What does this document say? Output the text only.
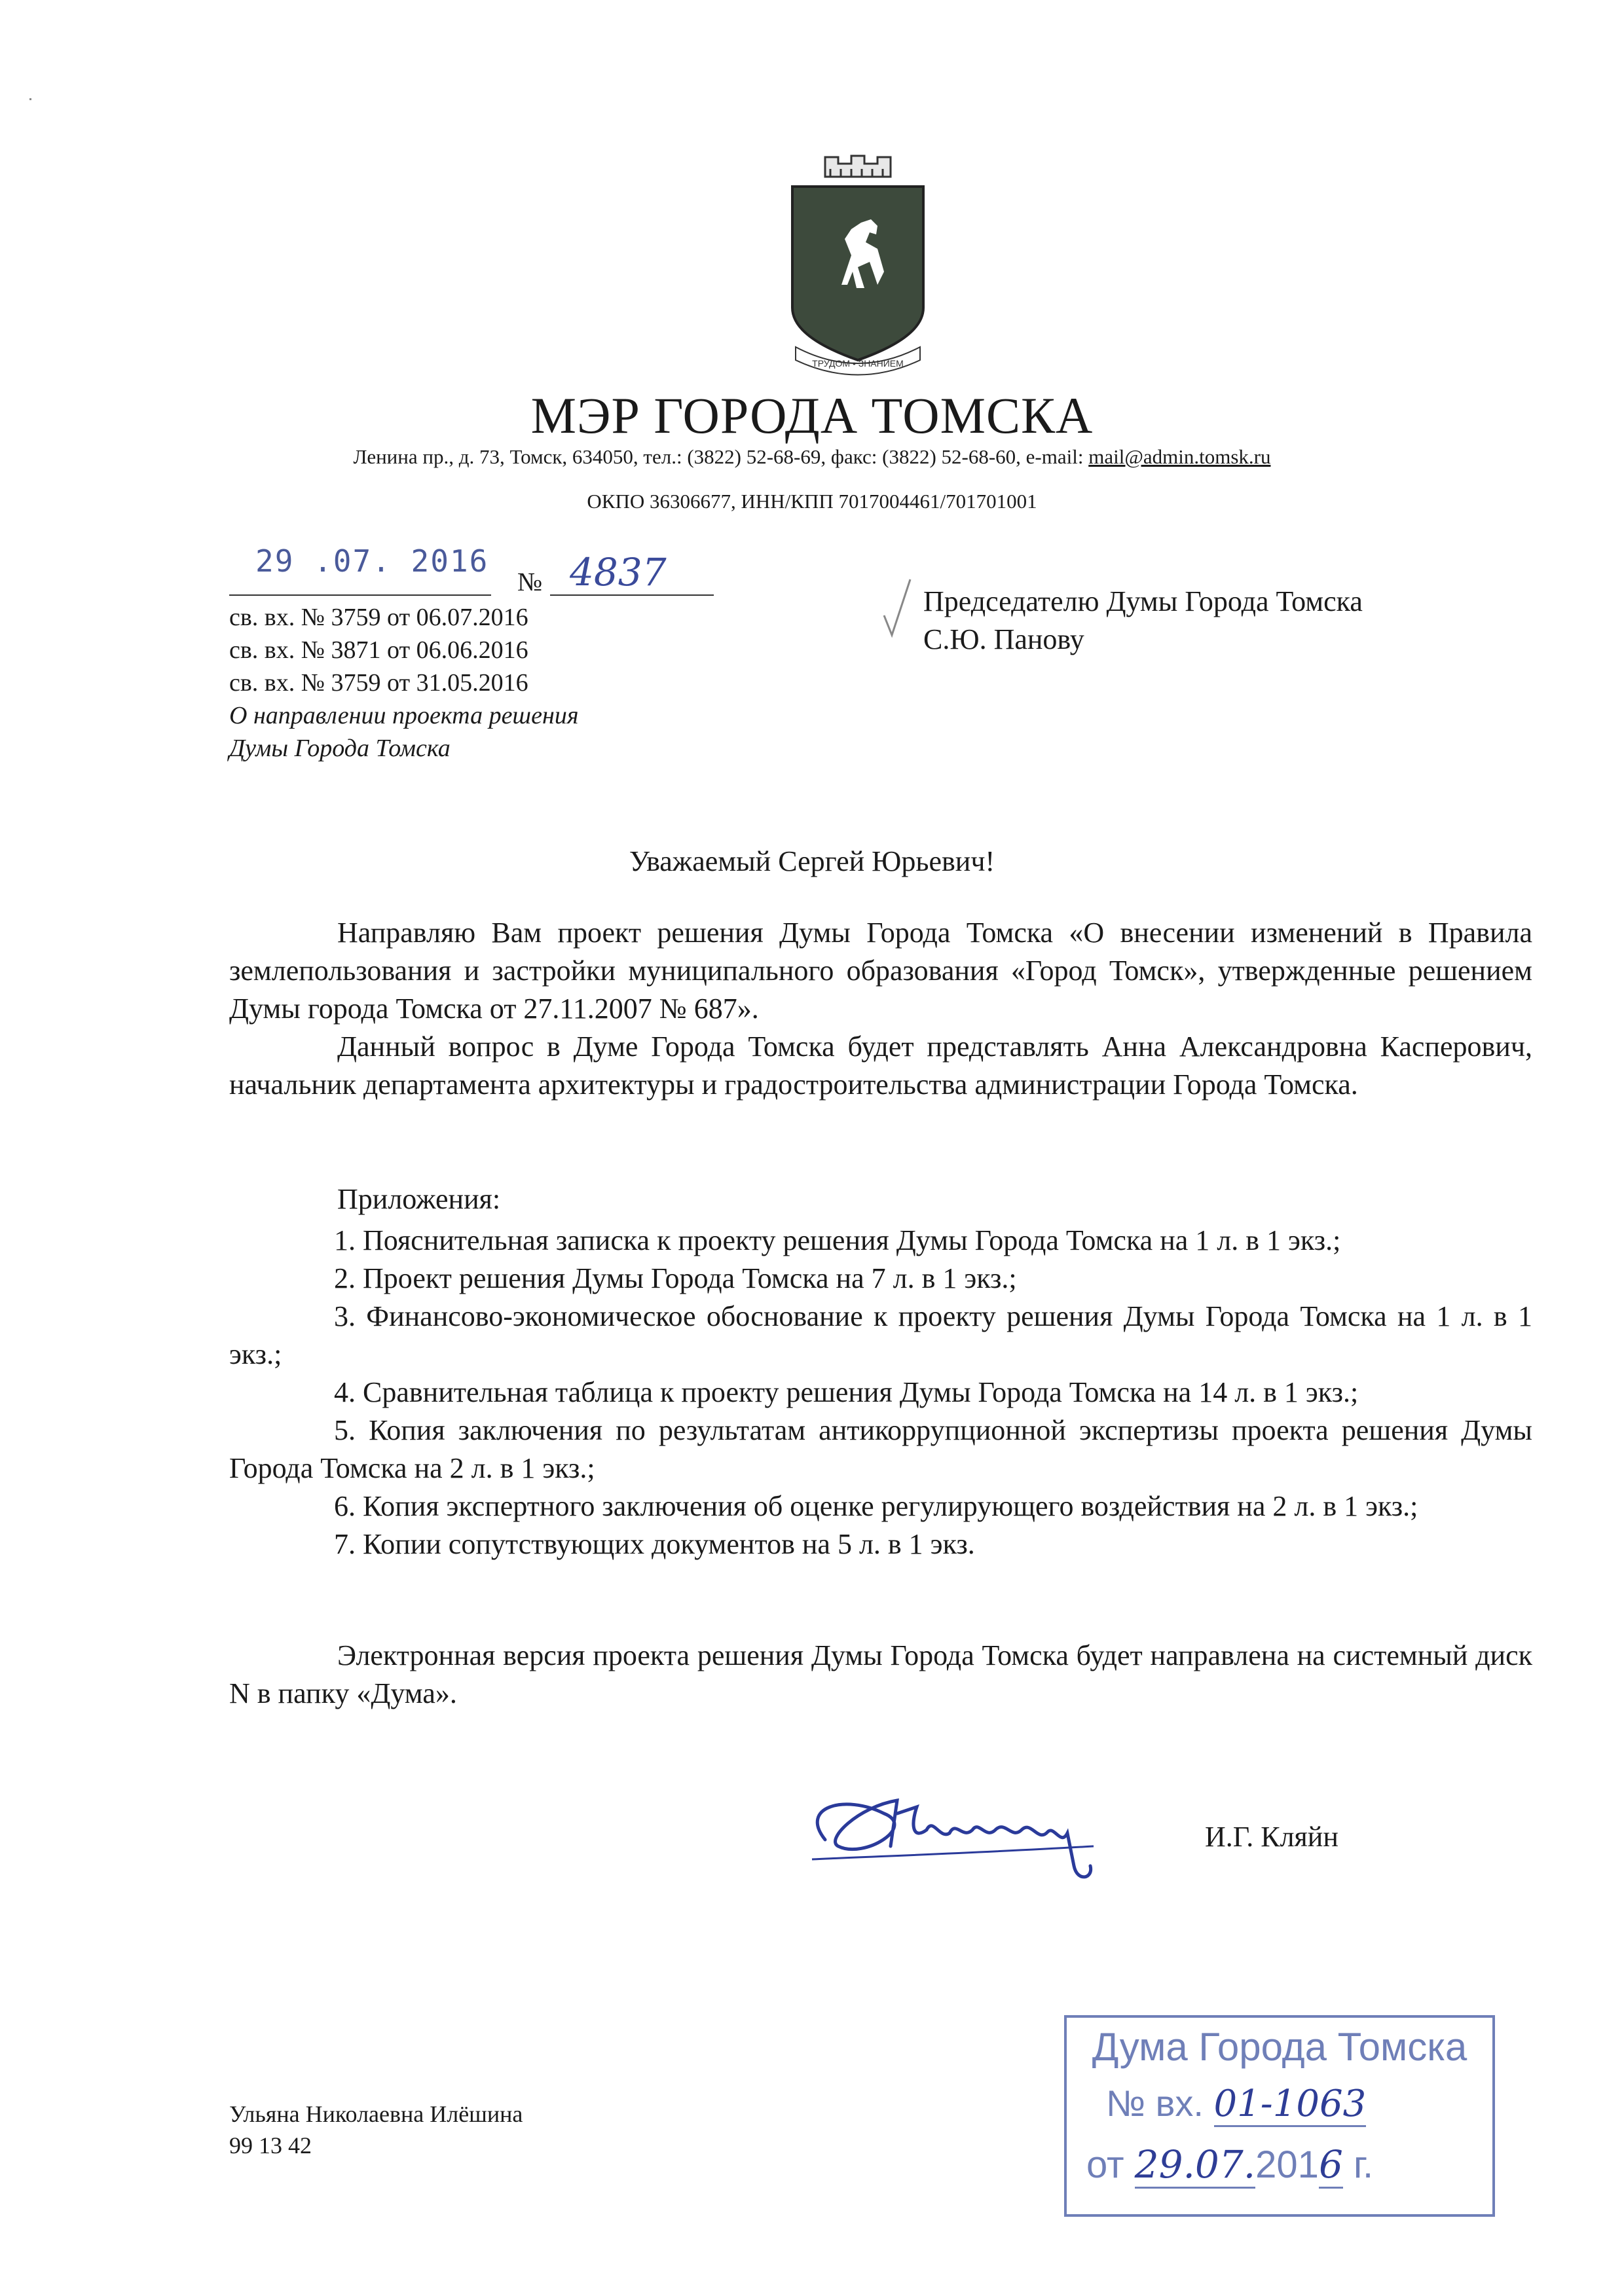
ТРУДОМ • ЗНАНИЕМ
МЭР ГОРОДА ТОМСКА
Ленина пр., д. 73, Томск, 634050, тел.: (3822) 52-68-69, факс: (3822) 52-68-60, e-mail: mail@admin.tomsk.ru
ОКПО 36306677, ИНН/КПП 7017004461/701701001
29 .07. 2016
№ 4837
св. вх. № 3759 от 06.07.2016
св. вх. № 3871 от 06.06.2016
св. вх. № 3759 от 31.05.2016
О направлении проекта решения
Думы Города Томска
Председателю Думы Города Томска
С.Ю. Панову
Уважаемый Сергей Юрьевич!

Направляю Вам проект решения Думы Города Томска «О внесении изменений в Правила землепользования и застройки муниципального образования «Город Томск», утвержденные решением Думы города Томска от 27.11.2007 № 687».

Данный вопрос в Думе Города Томска будет представлять Анна Александровна Касперович, начальник департамента архитектуры и градостроительства администрации Города Томска.

Приложения:

1. Пояснительная записка к проекту решения Думы Города Томска на 1 л. в 1 экз.;

2. Проект решения Думы Города Томска на 7 л. в 1 экз.;

3. Финансово-экономическое обоснование к проекту решения Думы Города Томска на 1 л. в 1 экз.;

4. Сравнительная таблица к проекту решения Думы Города Томска на 14 л. в 1 экз.;

5. Копия заключения по результатам антикоррупционной экспертизы проекта решения Думы Города Томска на 2 л. в 1 экз.;

6. Копия экспертного заключения об оценке регулирующего воздействия на 2 л. в 1 экз.;

7. Копии сопутствующих документов на 5 л. в 1 экз.

Электронная версия проекта решения Думы Города Томска будет направлена на системный диск N в папку «Дума».

И.Г. Кляйн
Ульяна Николаевна Илёшина
99 13 42
Дума Города Томска
№ вх. 01-1063
от 29.07.2016 г.
